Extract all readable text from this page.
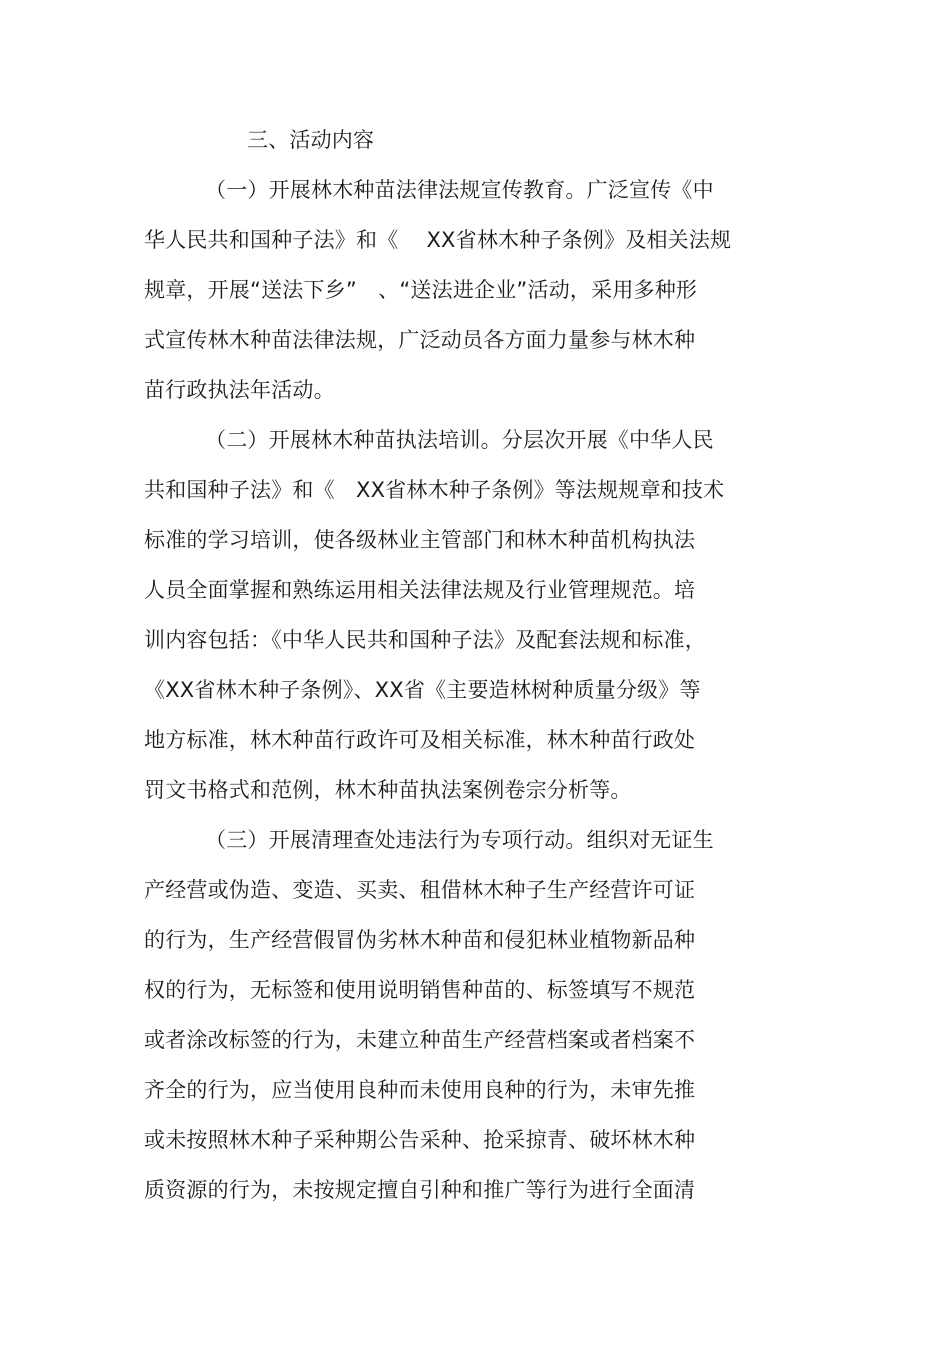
三、活动内容
（一）开展林木种苗法律法规宣传教育。广泛宣传《中
华人民共和国种子法》和《　 XX省林木种子条例》及相关法规
规章，开展“送法下乡”　、“送法进企业”活动，采用多种形
式宣传林木种苗法律法规，广泛动员各方面力量参与林木种
苗行政执法年活动。
（二）开展林木种苗执法培训。分层次开展《中华人民
共和国种子法》和《　XX省林木种子条例》等法规规章和技术
标准的学习培训，使各级林业主管部门和林木种苗机构执法
人员全面掌握和熟练运用相关法律法规及行业管理规范。培
训内容包括：《中华人民共和国种子法》及配套法规和标准，
《XX省林木种子条例》、XX省《主要造林树种质量分级》等
地方标准，林木种苗行政许可及相关标准，林木种苗行政处
罚文书格式和范例，林木种苗执法案例卷宗分析等。
（三）开展清理查处违法行为专项行动。组织对无证生
产经营或伪造、变造、买卖、租借林木种子生产经营许可证
的行为，生产经营假冒伪劣林木种苗和侵犯林业植物新品种
权的行为，无标签和使用说明销售种苗的、标签填写不规范
或者涂改标签的行为，未建立种苗生产经营档案或者档案不
齐全的行为，应当使用良种而未使用良种的行为，未审先推
或未按照林木种子采种期公告采种、抢采掠青、破坏林木种
质资源的行为，未按规定擅自引种和推广等行为进行全面清
